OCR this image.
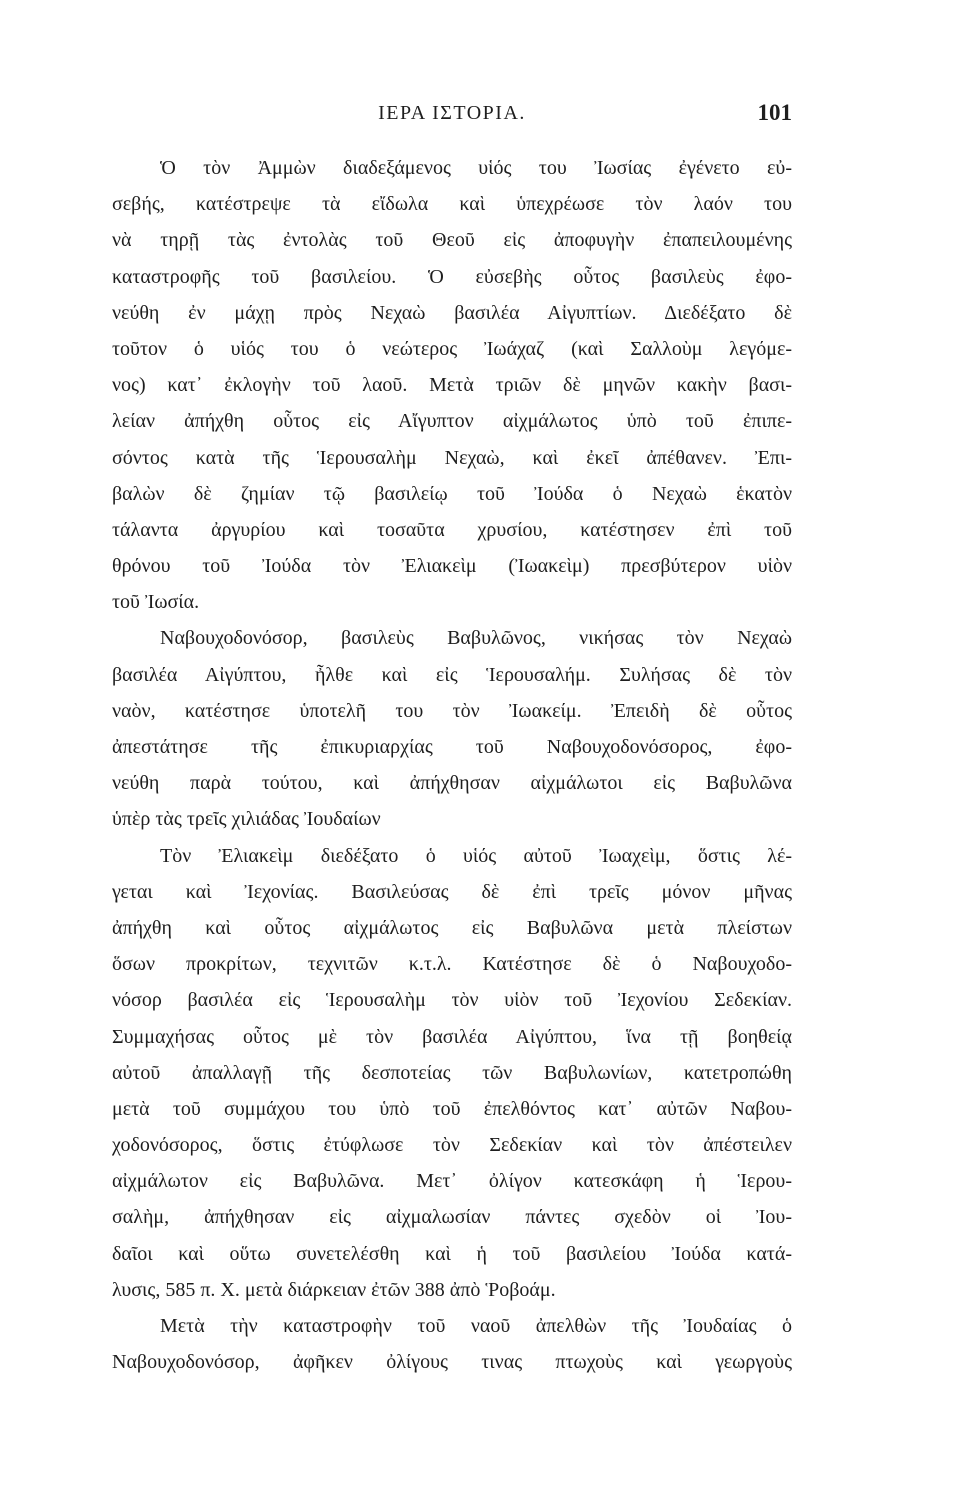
ΙΕΡΑ ΙΣΤΟΡΙΑ.	101
Ὁ τὸν Ἀμμὼν διαδεξάμενος υἱός του Ἰωσίας ἐγένετο εὐ-
σεβής, κατέστρεψε τὰ εἴδωλα καὶ ὑπεχρέωσε τὸν λαόν του
νὰ τηρῇ τὰς ἐντολὰς τοῦ Θεοῦ εἰς ἀποφυγὴν ἐπαπειλουμένης
καταστροφῆς τοῦ βασιλείου. Ὁ εὐσεβὴς οὗτος βασιλεὺς ἐφο-
νεύθη ἐν μάχῃ πρὸς Νεχαὼ βασιλέα Αἰγυπτίων. Διεδέξατο δὲ
τοῦτον ὁ υἱός του ὁ νεώτερος Ἰωάχαζ (καὶ Σαλλοὺμ λεγόμε-
νος) κατ᾽ ἐκλογὴν τοῦ λαοῦ. Μετὰ τριῶν δὲ μηνῶν κακὴν βασι-
λείαν ἀπήχθη οὗτος εἰς Αἴγυπτον αἰχμάλωτος ὑπὸ τοῦ ἐπιπε-
σόντος κατὰ τῆς Ἱερουσαλὴμ Νεχαὼ, καὶ ἐκεῖ ἀπέθανεν. Ἐπι-
βαλὼν δὲ ζημίαν τῷ βασιλείῳ τοῦ Ἰούδα ὁ Νεχαὼ ἑκατὸν
τάλαντα ἀργυρίου καὶ τοσαῦτα χρυσίου, κατέστησεν ἐπὶ τοῦ
θρόνου τοῦ Ἰούδα τὸν Ἐλιακεὶμ (Ἰωακεὶμ) πρεσβύτερον υἱὸν
τοῦ Ἰωσία.
Ναβουχοδονόσορ, βασιλεὺς Βαβυλῶνος, νικήσας τὸν Νεχαὼ
βασιλέα Αἰγύπτου, ἦλθε καὶ εἰς Ἱερουσαλήμ. Συλήσας δὲ τὸν
ναὸν, κατέστησε ὑποτελῆ του τὸν Ἰωακείμ. Ἐπειδὴ δὲ οὗτος
ἀπεστάτησε τῆς ἐπικυριαρχίας τοῦ Ναβουχοδονόσορος, ἐφο-
νεύθη παρὰ τούτου, καὶ ἀπήχθησαν αἰχμάλωτοι εἰς Βαβυλῶνα
ὑπὲρ τὰς τρεῖς χιλιάδας Ἰουδαίων
Τὸν Ἐλιακεὶμ διεδέξατο ὁ υἱός αὐτοῦ Ἰωαχεὶμ, ὅστις λέ-
γεται καὶ Ἰεχονίας. Βασιλεύσας δὲ ἐπὶ τρεῖς μόνον μῆνας
ἀπήχθη καὶ οὗτος αἰχμάλωτος εἰς Βαβυλῶνα μετὰ πλείστων
ὅσων προκρίτων, τεχνιτῶν κ.τ.λ. Κατέστησε δὲ ὁ Ναβουχοδο-
νόσορ βασιλέα εἰς Ἱερουσαλὴμ τὸν υἱὸν τοῦ Ἰεχονίου Σεδεκίαν.
Συμμαχήσας οὗτος μὲ τὸν βασιλέα Αἰγύπτου, ἵνα τῇ βοηθείᾳ
αὐτοῦ ἀπαλλαγῇ τῆς δεσποτείας τῶν Βαβυλωνίων, κατετροπώθη
μετὰ τοῦ συμμάχου του ὑπὸ τοῦ ἐπελθόντος κατ᾽ αὐτῶν Ναβου-
χοδονόσορος, ὅστις ἐτύφλωσε τὸν Σεδεκίαν καὶ τὸν ἀπέστειλεν
αἰχμάλωτον εἰς Βαβυλῶνα. Μετ᾽ ὀλίγον κατεσκάφη ἡ Ἱερου-
σαλὴμ, ἀπήχθησαν εἰς αἰχμαλωσίαν πάντες σχεδὸν οἱ Ἰου-
δαῖοι καὶ οὕτω συνετελέσθη καὶ ἡ τοῦ βασιλείου Ἰούδα κατά-
λυσις, 585 π. Χ. μετὰ διάρκειαν ἐτῶν 388 ἀπὸ Ῥοβοάμ.
Μετὰ τὴν καταστροφὴν τοῦ ναοῦ ἀπελθὼν τῆς Ἰουδαίας ὁ
Ναβουχοδονόσορ, ἀφῆκεν ὀλίγους τινας πτωχοὺς καὶ γεωργοὺς
